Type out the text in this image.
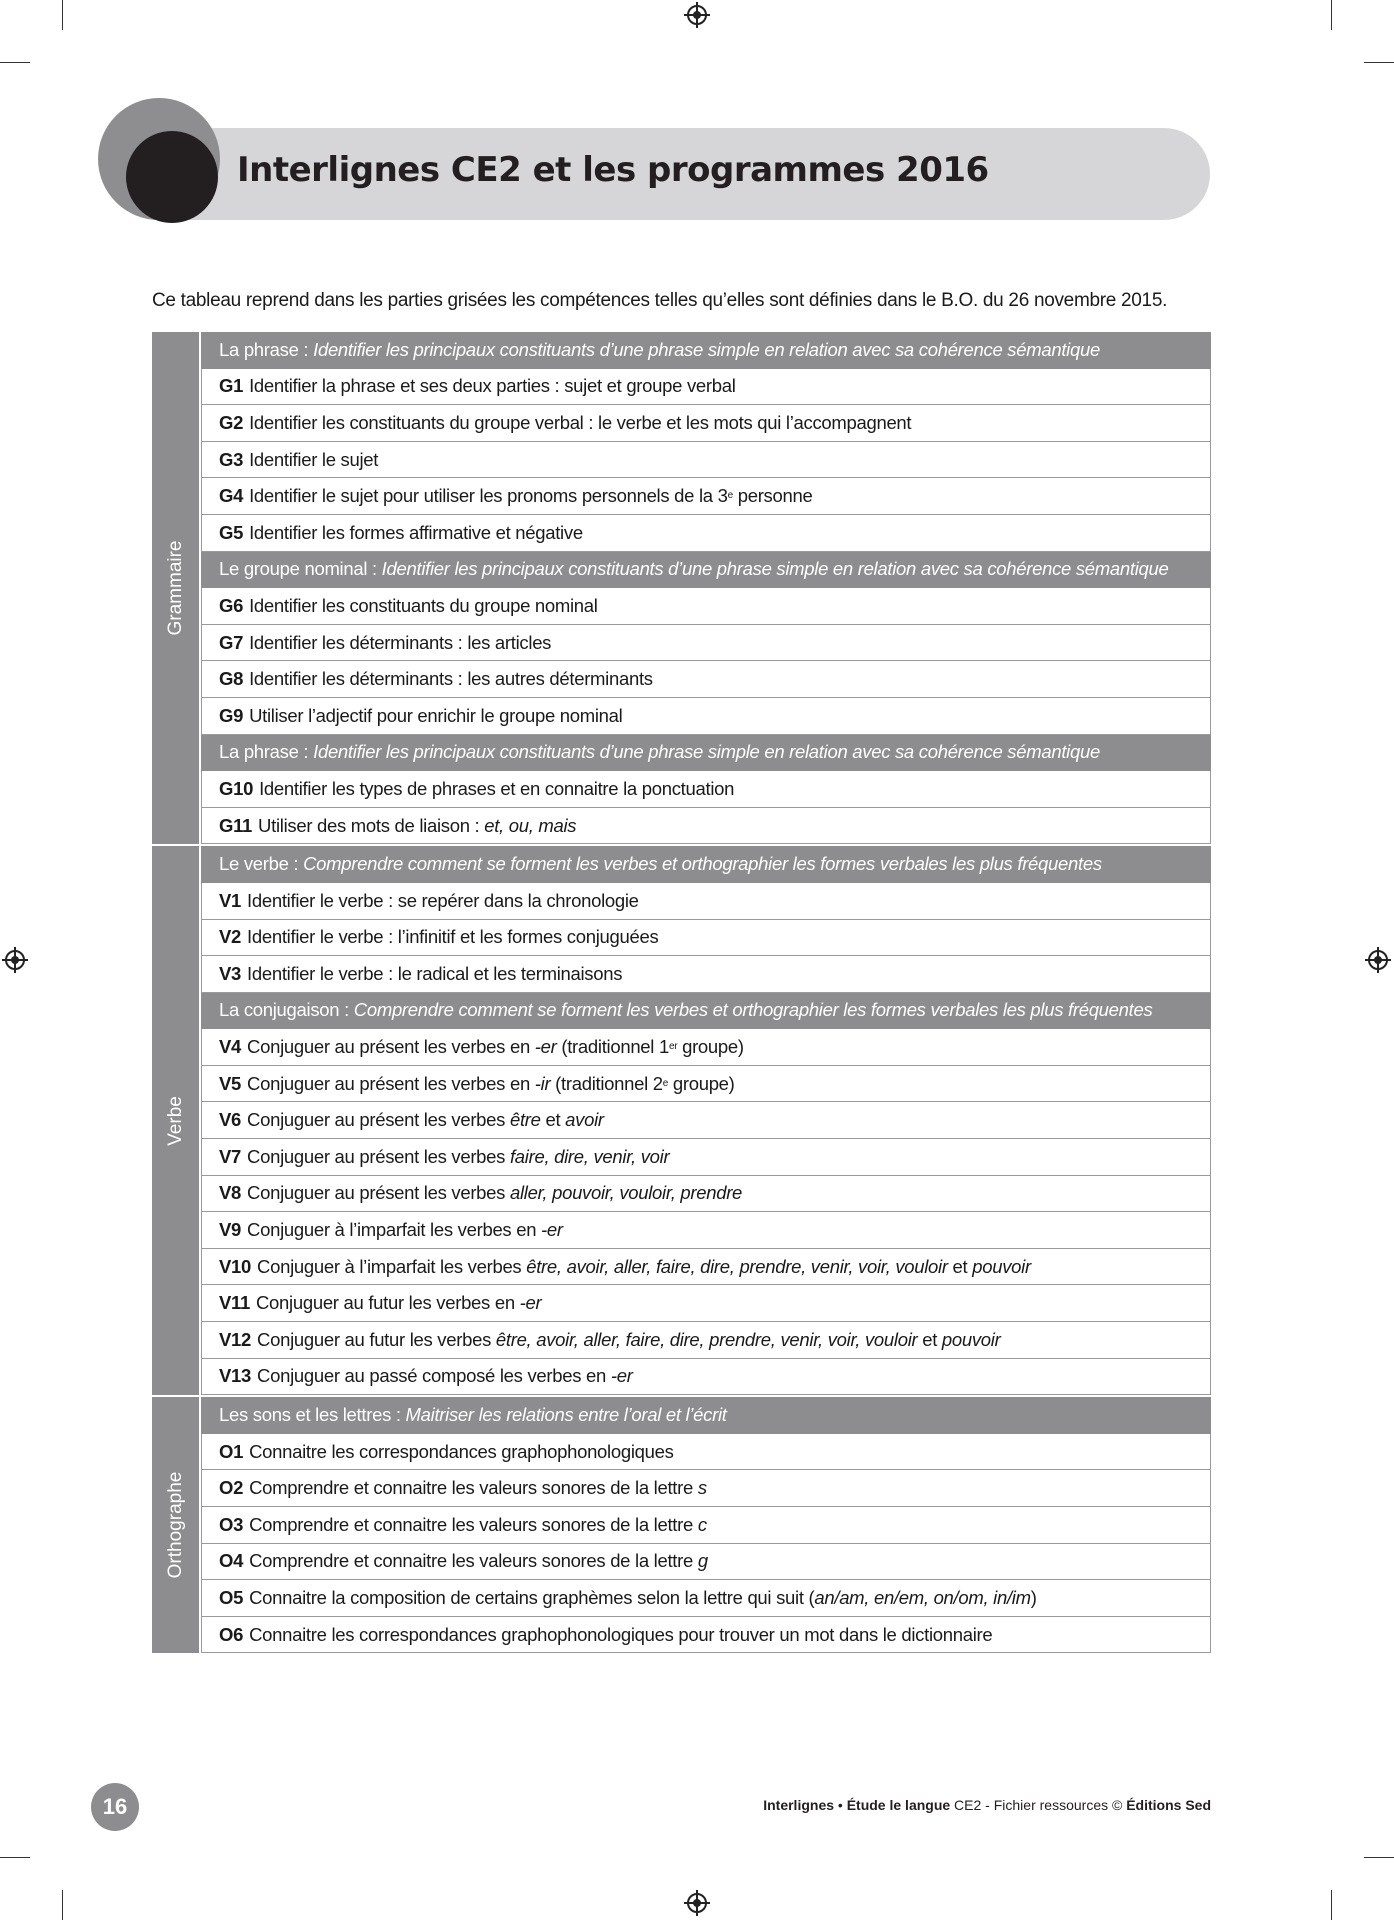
Interlignes CE2 et les programmes 2016
Ce tableau reprend dans les parties grisées les compétences telles qu’elles sont définies dans le B.O. du 26 novembre 2015.
Grammaire
La phrase : Identifier les principaux constituants d’une phrase simple en relation avec sa cohérence sémantique
G1 Identifier la phrase et ses deux parties : sujet et groupe verbal
G2 Identifier les constituants du groupe verbal : le verbe et les mots qui l’accompagnent
G3 Identifier le sujet
G4 Identifier le sujet pour utiliser les pronoms personnels de la 3 e personne
G5 Identifier les formes affirmative et négative
Le groupe nominal : Identifier les principaux constituants d’une phrase simple en relation avec sa cohérence sémantique
G6 Identifier les constituants du groupe nominal
G7 Identifier les déterminants : les articles
G8 Identifier les déterminants : les autres déterminants
G9 Utiliser l’adjectif pour enrichir le groupe nominal
La phrase : Identifier les principaux constituants d’une phrase simple en relation avec sa cohérence sémantique
G10 Identifier les types de phrases et en connaitre la ponctuation
G11 Utiliser des mots de liaison : et, ou, mais
Verbe
Le verbe : Comprendre comment se forment les verbes et orthographier les formes verbales les plus fréquentes
V1 Identifier le verbe : se repérer dans la chronologie
V2 Identifier le verbe : l’infinitif et les formes conjuguées
V3 Identifier le verbe : le radical et les terminaisons
La conjugaison : Comprendre comment se forment les verbes et orthographier les formes verbales les plus fréquentes
V4 Conjuguer au présent les verbes en -er (traditionnel 1 er groupe)
V5 Conjuguer au présent les verbes en -ir (traditionnel 2 e groupe)
V6 Conjuguer au présent les verbes être et avoir
V7 Conjuguer au présent les verbes faire, dire, venir, voir
V8 Conjuguer au présent les verbes aller, pouvoir, vouloir, prendre
V9 Conjuguer à l’imparfait les verbes en -er
V10 Conjuguer à l’imparfait les verbes être, avoir, aller, faire, dire, prendre, venir, voir, vouloir et pouvoir
V11 Conjuguer au futur les verbes en -er
V12 Conjuguer au futur les verbes être, avoir, aller, faire, dire, prendre, venir, voir, vouloir et pouvoir
V13 Conjuguer au passé composé les verbes en -er
Orthographe
Les sons et les lettres : Maitriser les relations entre l’oral et l’écrit
O1 Connaitre les correspondances graphophonologiques
O2 Comprendre et connaitre les valeurs sonores de la lettre s
O3 Comprendre et connaitre les valeurs sonores de la lettre c
O4 Comprendre et connaitre les valeurs sonores de la lettre g
O5 Connaitre la composition de certains graphèmes selon la lettre qui suit ( an/am, en/em, on/om, in/im )
O6 Connaitre les correspondances graphophonologiques pour trouver un mot dans le dictionnaire
16	Interlignes • Étude le langue CE2 - Fichier ressources © Éditions Sed
